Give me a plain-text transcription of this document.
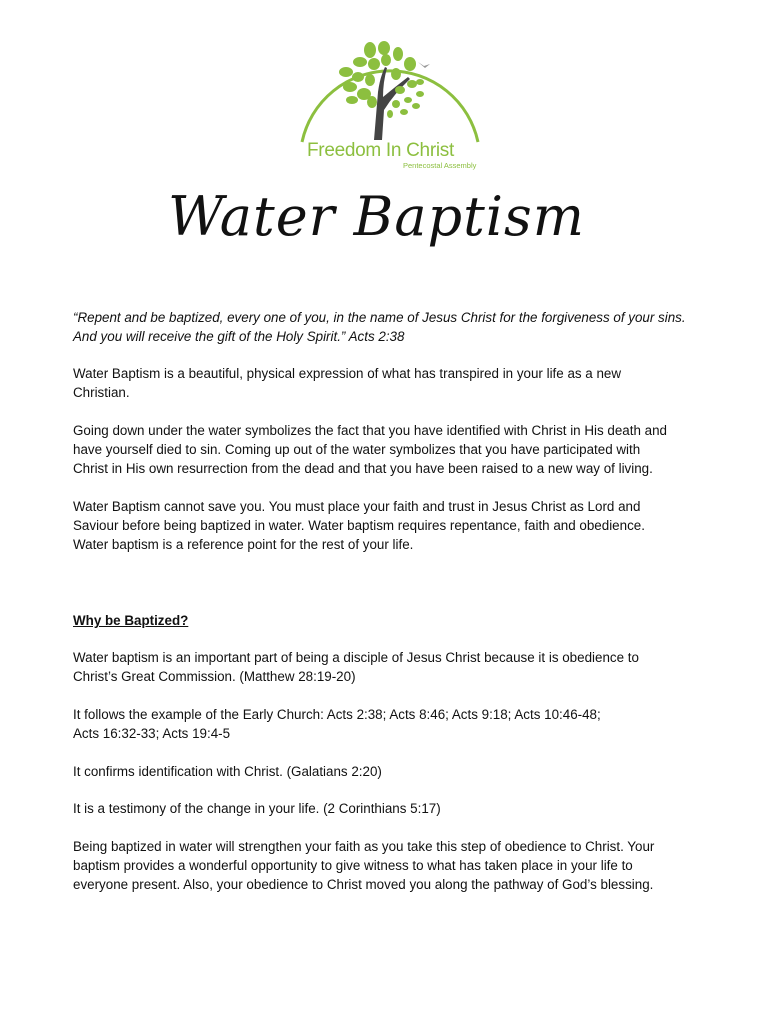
Freedom In Christ
Pentecostal Assembly
Water Baptism
“Repent and be baptized, every one of you, in the name of Jesus Christ for the forgiveness of your sins.
And you will receive the gift of the Holy Spirit.” Acts 2:38
Water Baptism is a beautiful, physical expression of what has transpired in your life as a new
Christian.
Going down under the water symbolizes the fact that you have identified with Christ in His death and
have yourself died to sin. Coming up out of the water symbolizes that you have participated with
Christ in His own resurrection from the dead and that you have been raised to a new way of living.
Water Baptism cannot save you. You must place your faith and trust in Jesus Christ as Lord and
Saviour before being baptized in water. Water baptism requires repentance, faith and obedience.
Water baptism is a reference point for the rest of your life.
Why be Baptized?
Water baptism is an important part of being a disciple of Jesus Christ because it is obedience to
Christ’s Great Commission. (Matthew 28:19-20)
It follows the example of the Early Church: Acts 2:38; Acts 8:46; Acts 9:18; Acts 10:46-48;
Acts 16:32-33; Acts 19:4-5
It confirms identification with Christ. (Galatians 2:20)
It is a testimony of the change in your life. (2 Corinthians 5:17)
Being baptized in water will strengthen your faith as you take this step of obedience to Christ. Your
baptism provides a wonderful opportunity to give witness to what has taken place in your life to
everyone present. Also, your obedience to Christ moved you along the pathway of God’s blessing.
